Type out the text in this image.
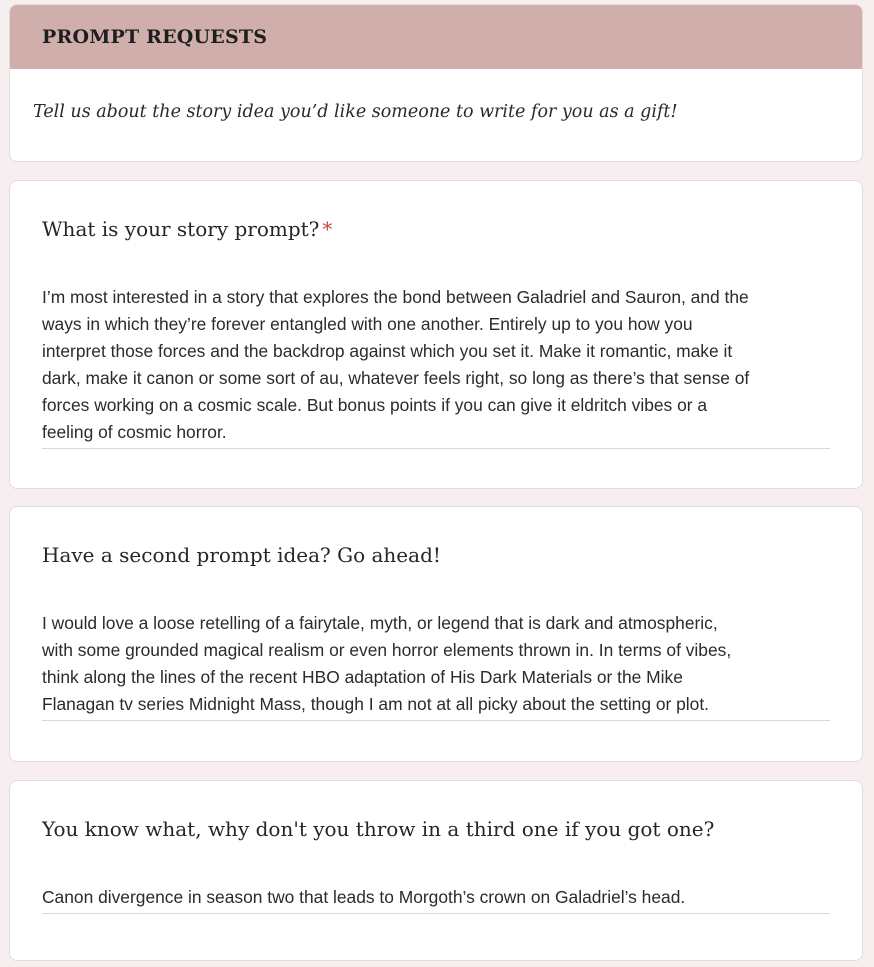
PROMPT REQUESTS
Tell us about the story idea you’d like someone to write for you as a gift!
What is your story prompt? *
I’m most interested in a story that explores the bond between Galadriel and Sauron, and the
ways in which they’re forever entangled with one another. Entirely up to you how you
interpret those forces and the backdrop against which you set it. Make it romantic, make it
dark, make it canon or some sort of au, whatever feels right, so long as there’s that sense of
forces working on a cosmic scale. But bonus points if you can give it eldritch vibes or a
feeling of cosmic horror.
Have a second prompt idea? Go ahead!
I would love a loose retelling of a fairytale, myth, or legend that is dark and atmospheric,
with some grounded magical realism or even horror elements thrown in. In terms of vibes,
think along the lines of the recent HBO adaptation of His Dark Materials or the Mike
Flanagan tv series Midnight Mass, though I am not at all picky about the setting or plot.
You know what, why don't you throw in a third one if you got one?
Canon divergence in season two that leads to Morgoth’s crown on Galadriel’s head.
